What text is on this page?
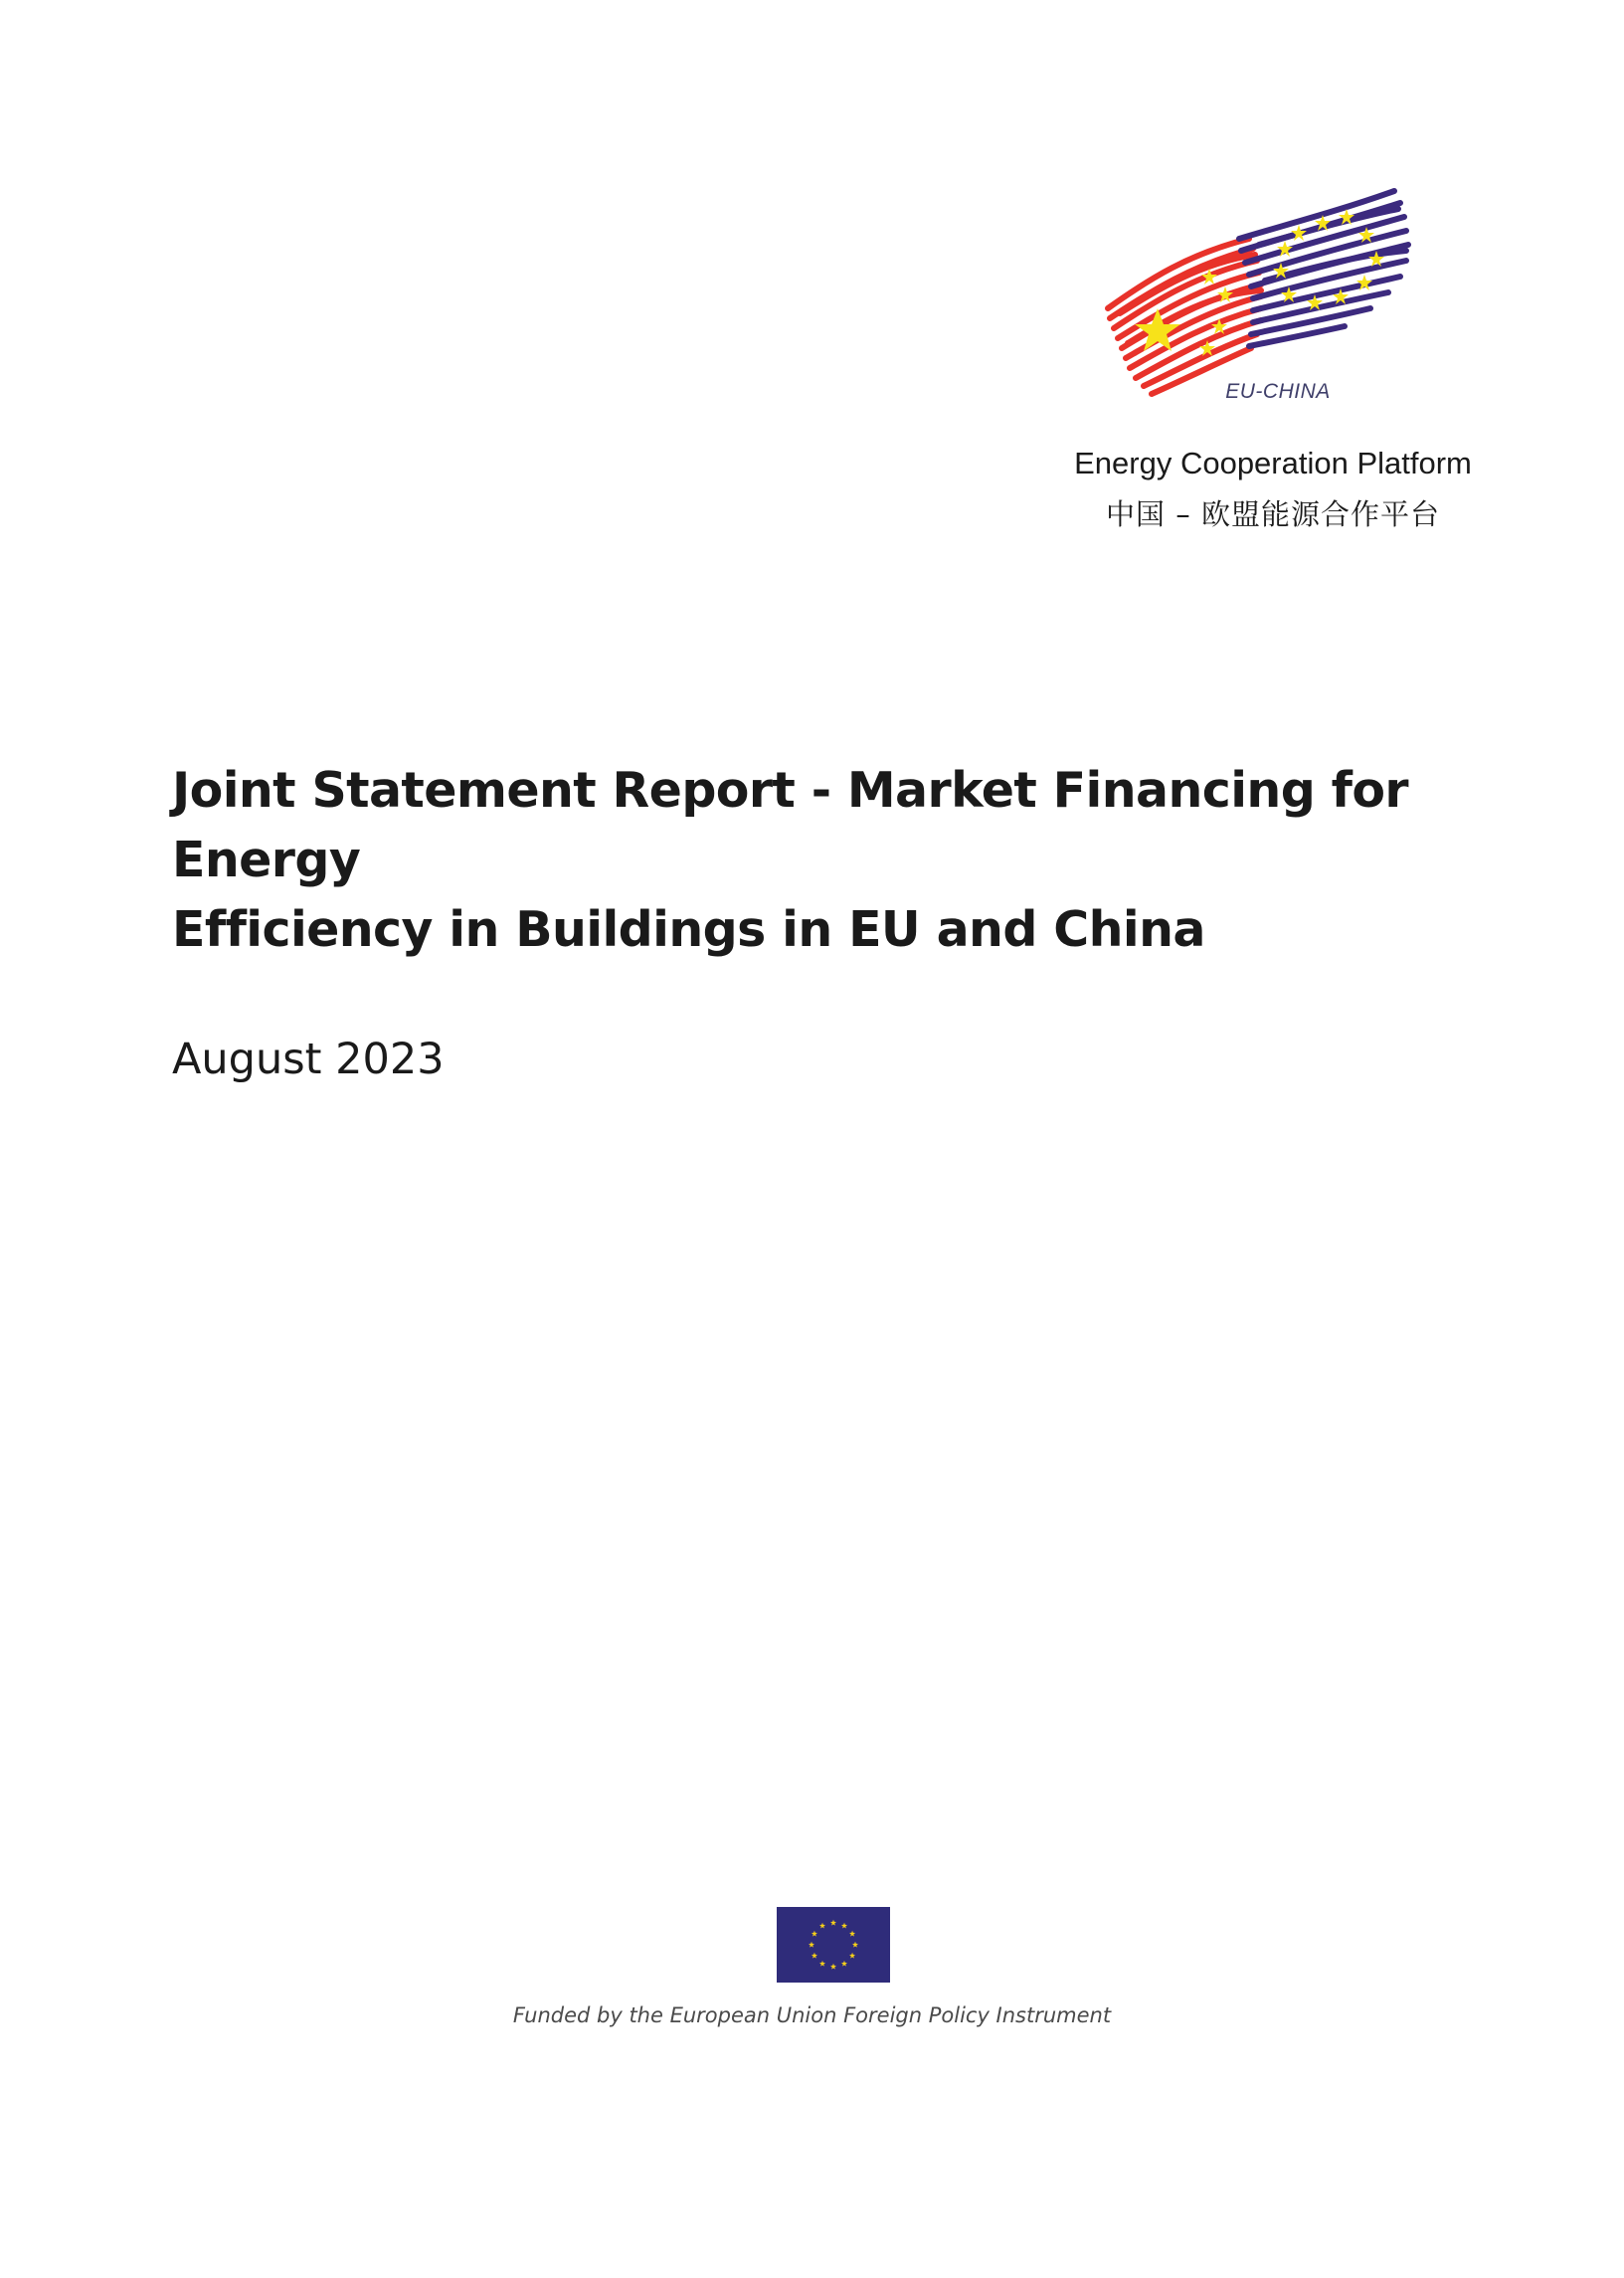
EU-CHINA
Energy Cooperation Platform
中国 – 欧盟能源合作平台
Joint Statement Report - Market Financing for Energy
Efficiency in Buildings in EU and China
August 2023
Funded by the European Union Foreign Policy Instrument
